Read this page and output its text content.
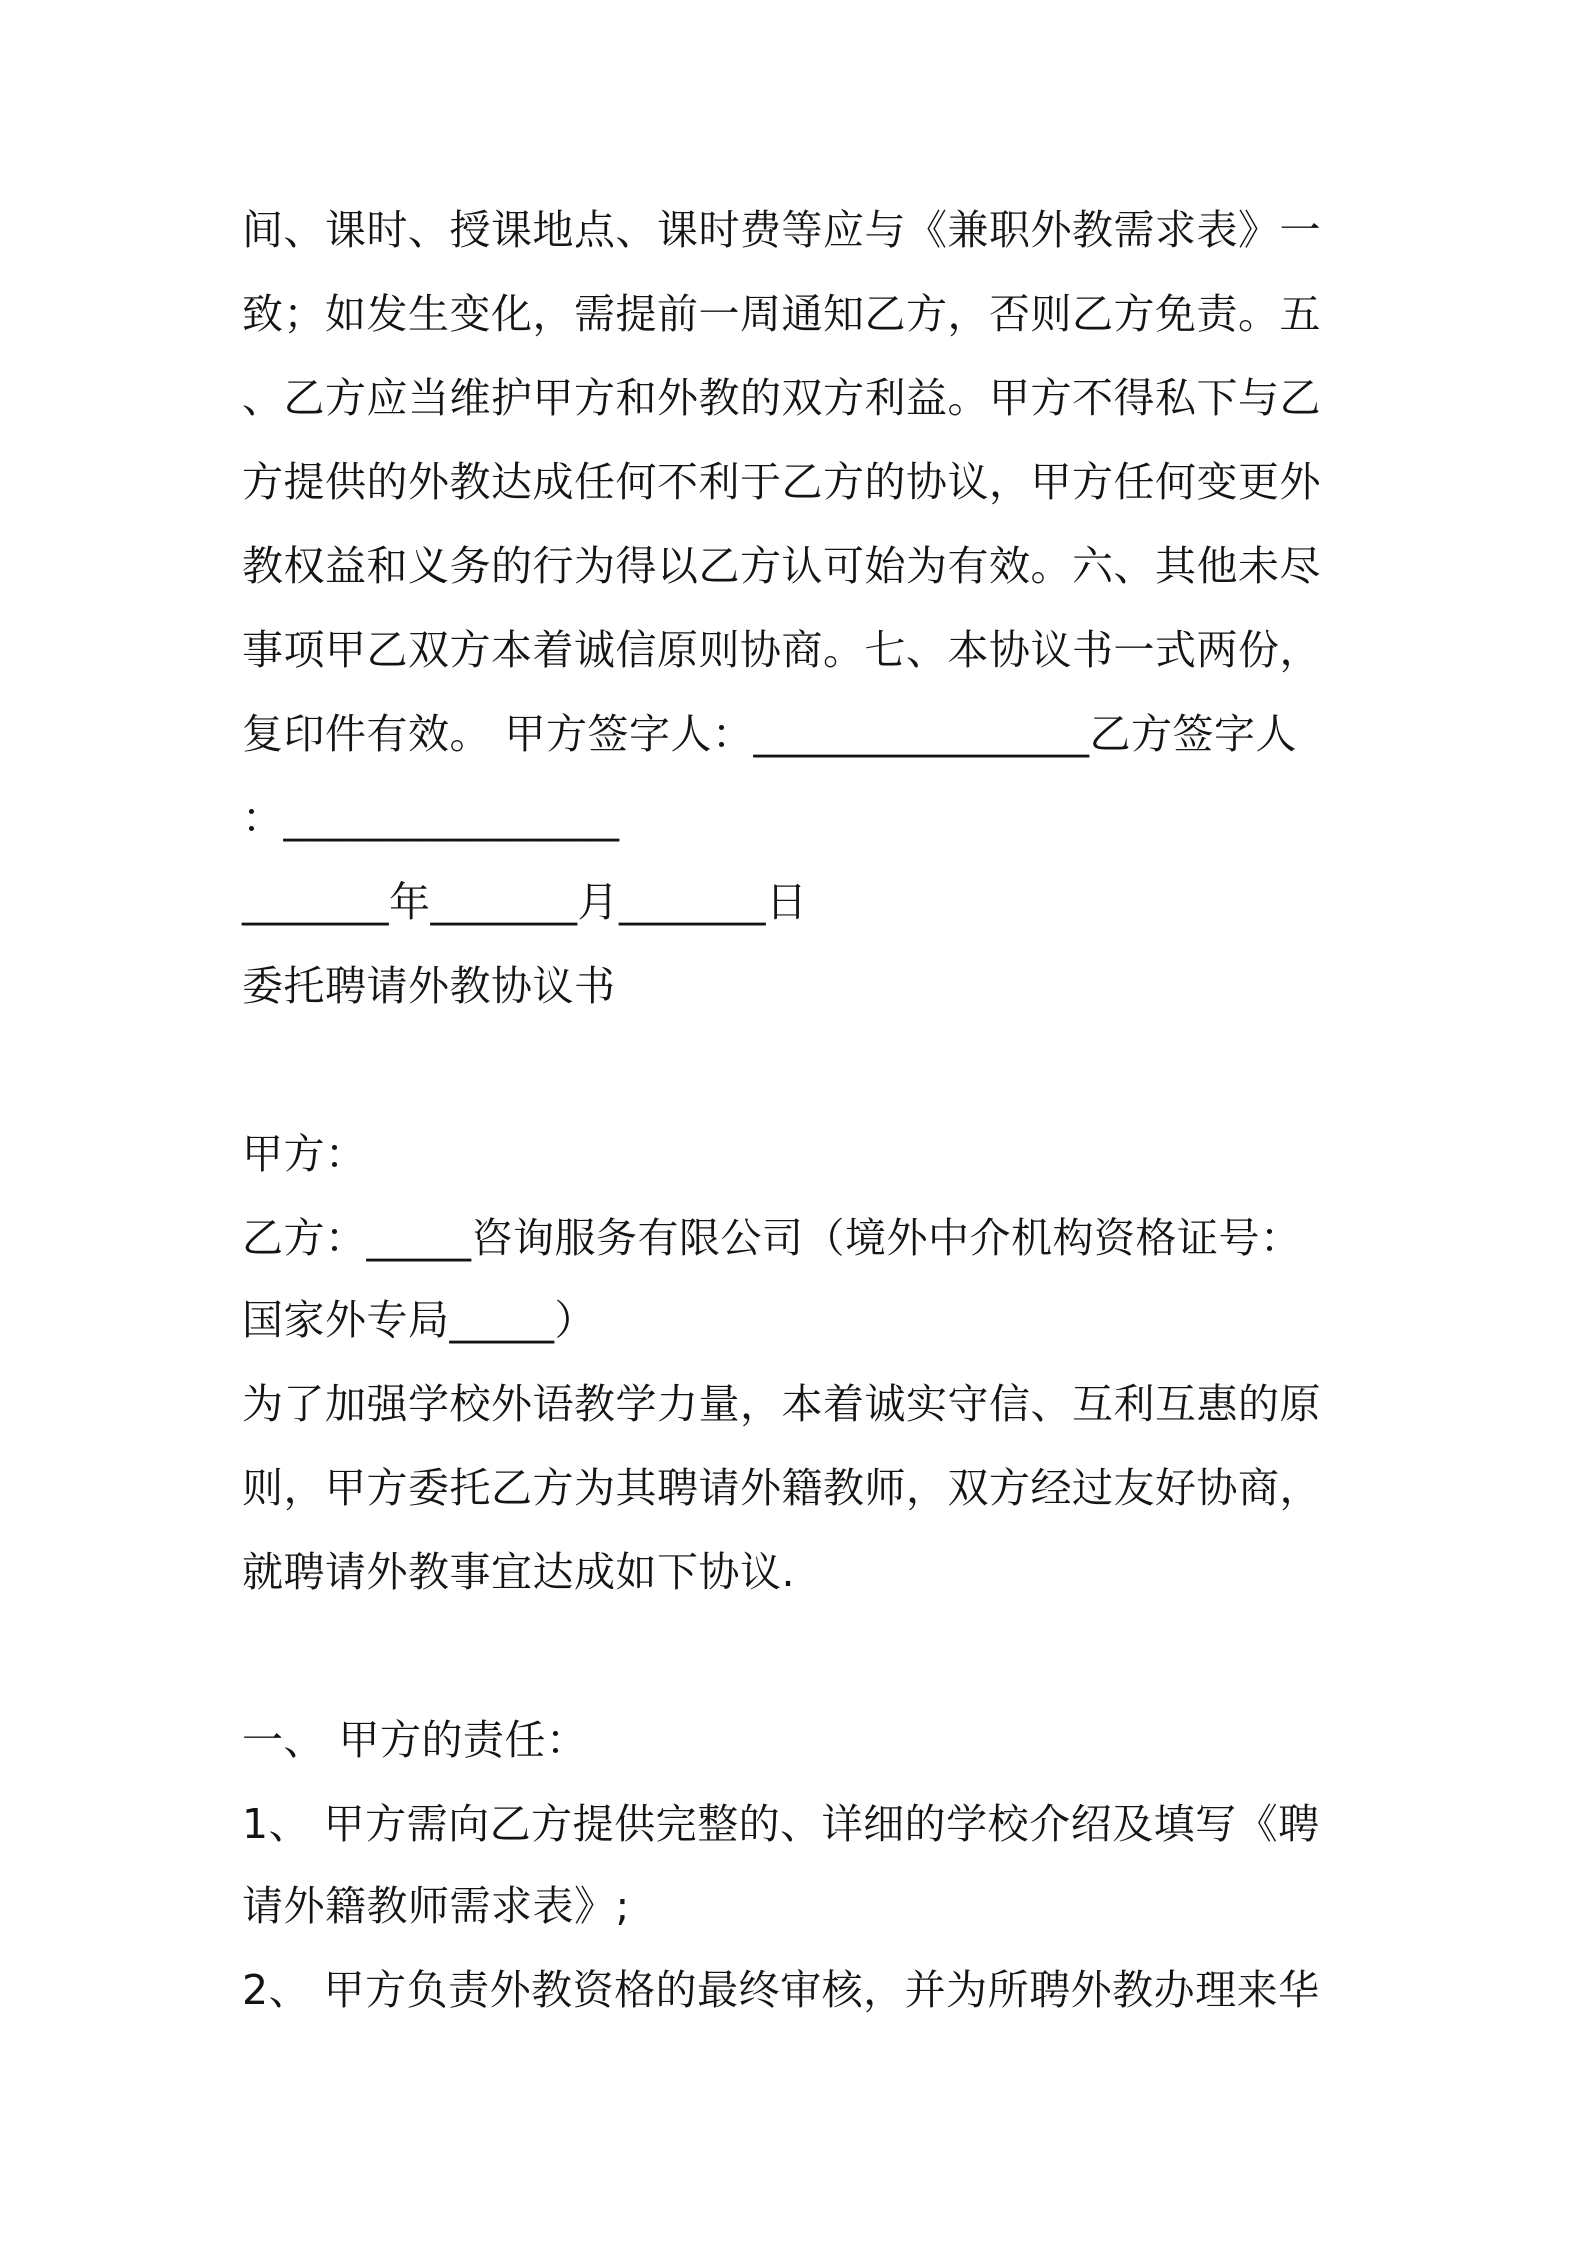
间、课时、授课地点、课时费等应与《兼职外教需求表》一
致；如发生变化，需提前一周通知乙方，否则乙方免责。五
、乙方应当维护甲方和外教的双方利益。甲方不得私下与乙
方提供的外教达成任何不利于乙方的协议，甲方任何变更外
教权益和义务的行为得以乙方认可始为有效。六、其他未尽
事项甲乙双方本着诚信原则协商。七、本协议书一式两份，
复印件有效。 甲方签字人：________________乙方签字人
：________________
_______年_______月_______日
委托聘请外教协议书
甲方：
乙方：_____咨询服务有限公司（境外中介机构资格证号：
国家外专局_____）
为了加强学校外语教学力量，本着诚实守信、互利互惠的原
则，甲方委托乙方为其聘请外籍教师，双方经过友好协商，
就聘请外教事宜达成如下协议.
一、 甲方的责任：
1、 甲方需向乙方提供完整的、详细的学校介绍及填写《聘
请外籍教师需求表》;
2、 甲方负责外教资格的最终审核，并为所聘外教办理来华
